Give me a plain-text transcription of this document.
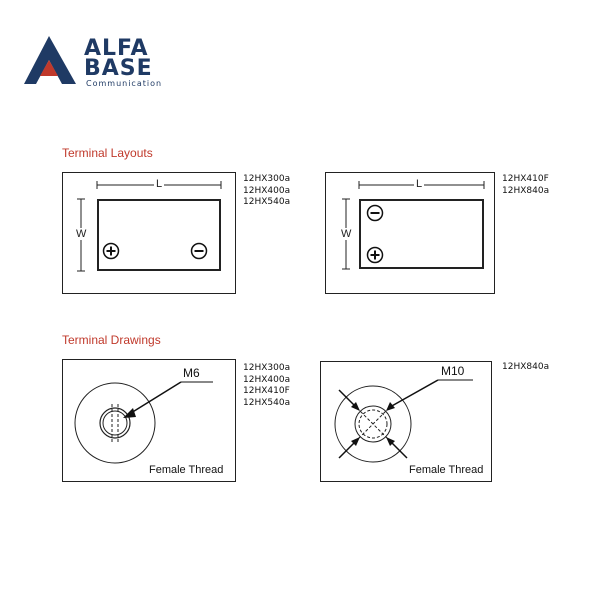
ALFA
BASE
Communication
Terminal Layouts
L
W
12HX300a
12HX400a
12HX540a
L
W
12HX410F
12HX840a
Terminal Drawings
M6
Female Thread
12HX300a
12HX400a
12HX410F
12HX540a
M10
Female Thread
12HX840a
